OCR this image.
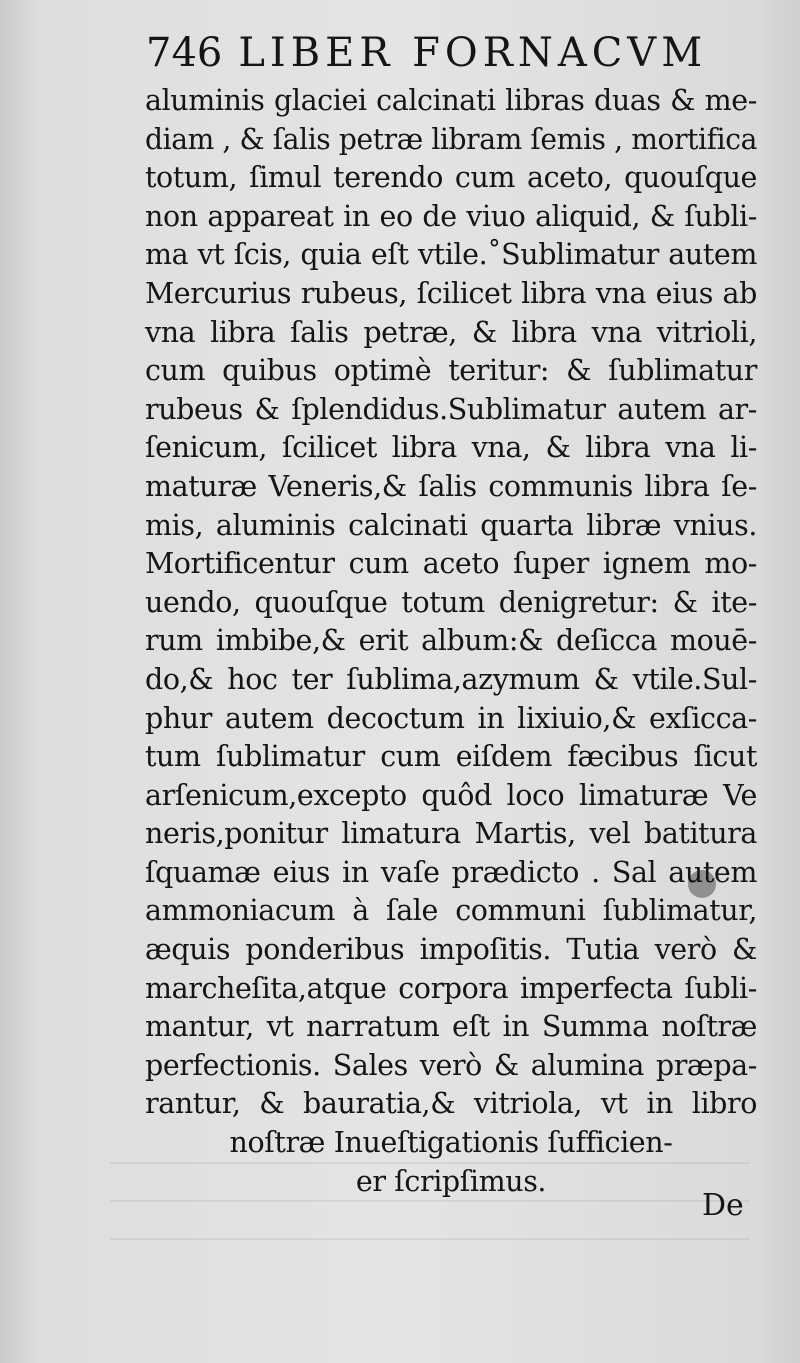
746 LIBER FORNACVM
aluminis glaciei calcinati libras duas & me-
diam , & ſalis petræ libram ſemis , mortifica
totum, ſimul terendo cum aceto, quouſque
non appareat in eo de viuo aliquid, & ſubli-
ma vt ſcis, quia eſt vtile.˚Sublimatur autem
Mercurius rubeus, ſcilicet libra vna eius ab
vna libra ſalis petræ, & libra vna vitrioli,
cum quibus optimè teritur: & ſublimatur
rubeus & ſplendidus.Sublimatur autem ar-
ſenicum, ſcilicet libra vna, & libra vna li-
maturæ Veneris,& ſalis communis libra ſe-
mis, aluminis calcinati quarta libræ vnius.
Mortificentur cum aceto ſuper ignem mo-
uendo, quouſque totum denigretur: & ite-
rum imbibe,& erit album:& deſicca mouē-
do,& hoc ter ſublima,azymum & vtile.Sul-
phur autem decoctum in lixiuio,& exſicca-
tum ſublimatur cum eiſdem fæcibus ſicut
arſenicum,excepto quôd loco limaturæ Ve
neris,ponitur limatura Martis, vel batitura
ſquamæ eius in vaſe prædicto . Sal autem
ammoniacum à ſale communi ſublimatur,
æquis ponderibus impoſitis. Tutia verò &
marcheſita,atque corpora imperfecta ſubli-
mantur, vt narratum eſt in Summa noſtræ
perfectionis. Sales verò & alumina præpa-
rantur, & bauratia,& vitriola, vt in libro
noſtræ Inueſtigationis ſufficien-
er ſcripſimus.
De
